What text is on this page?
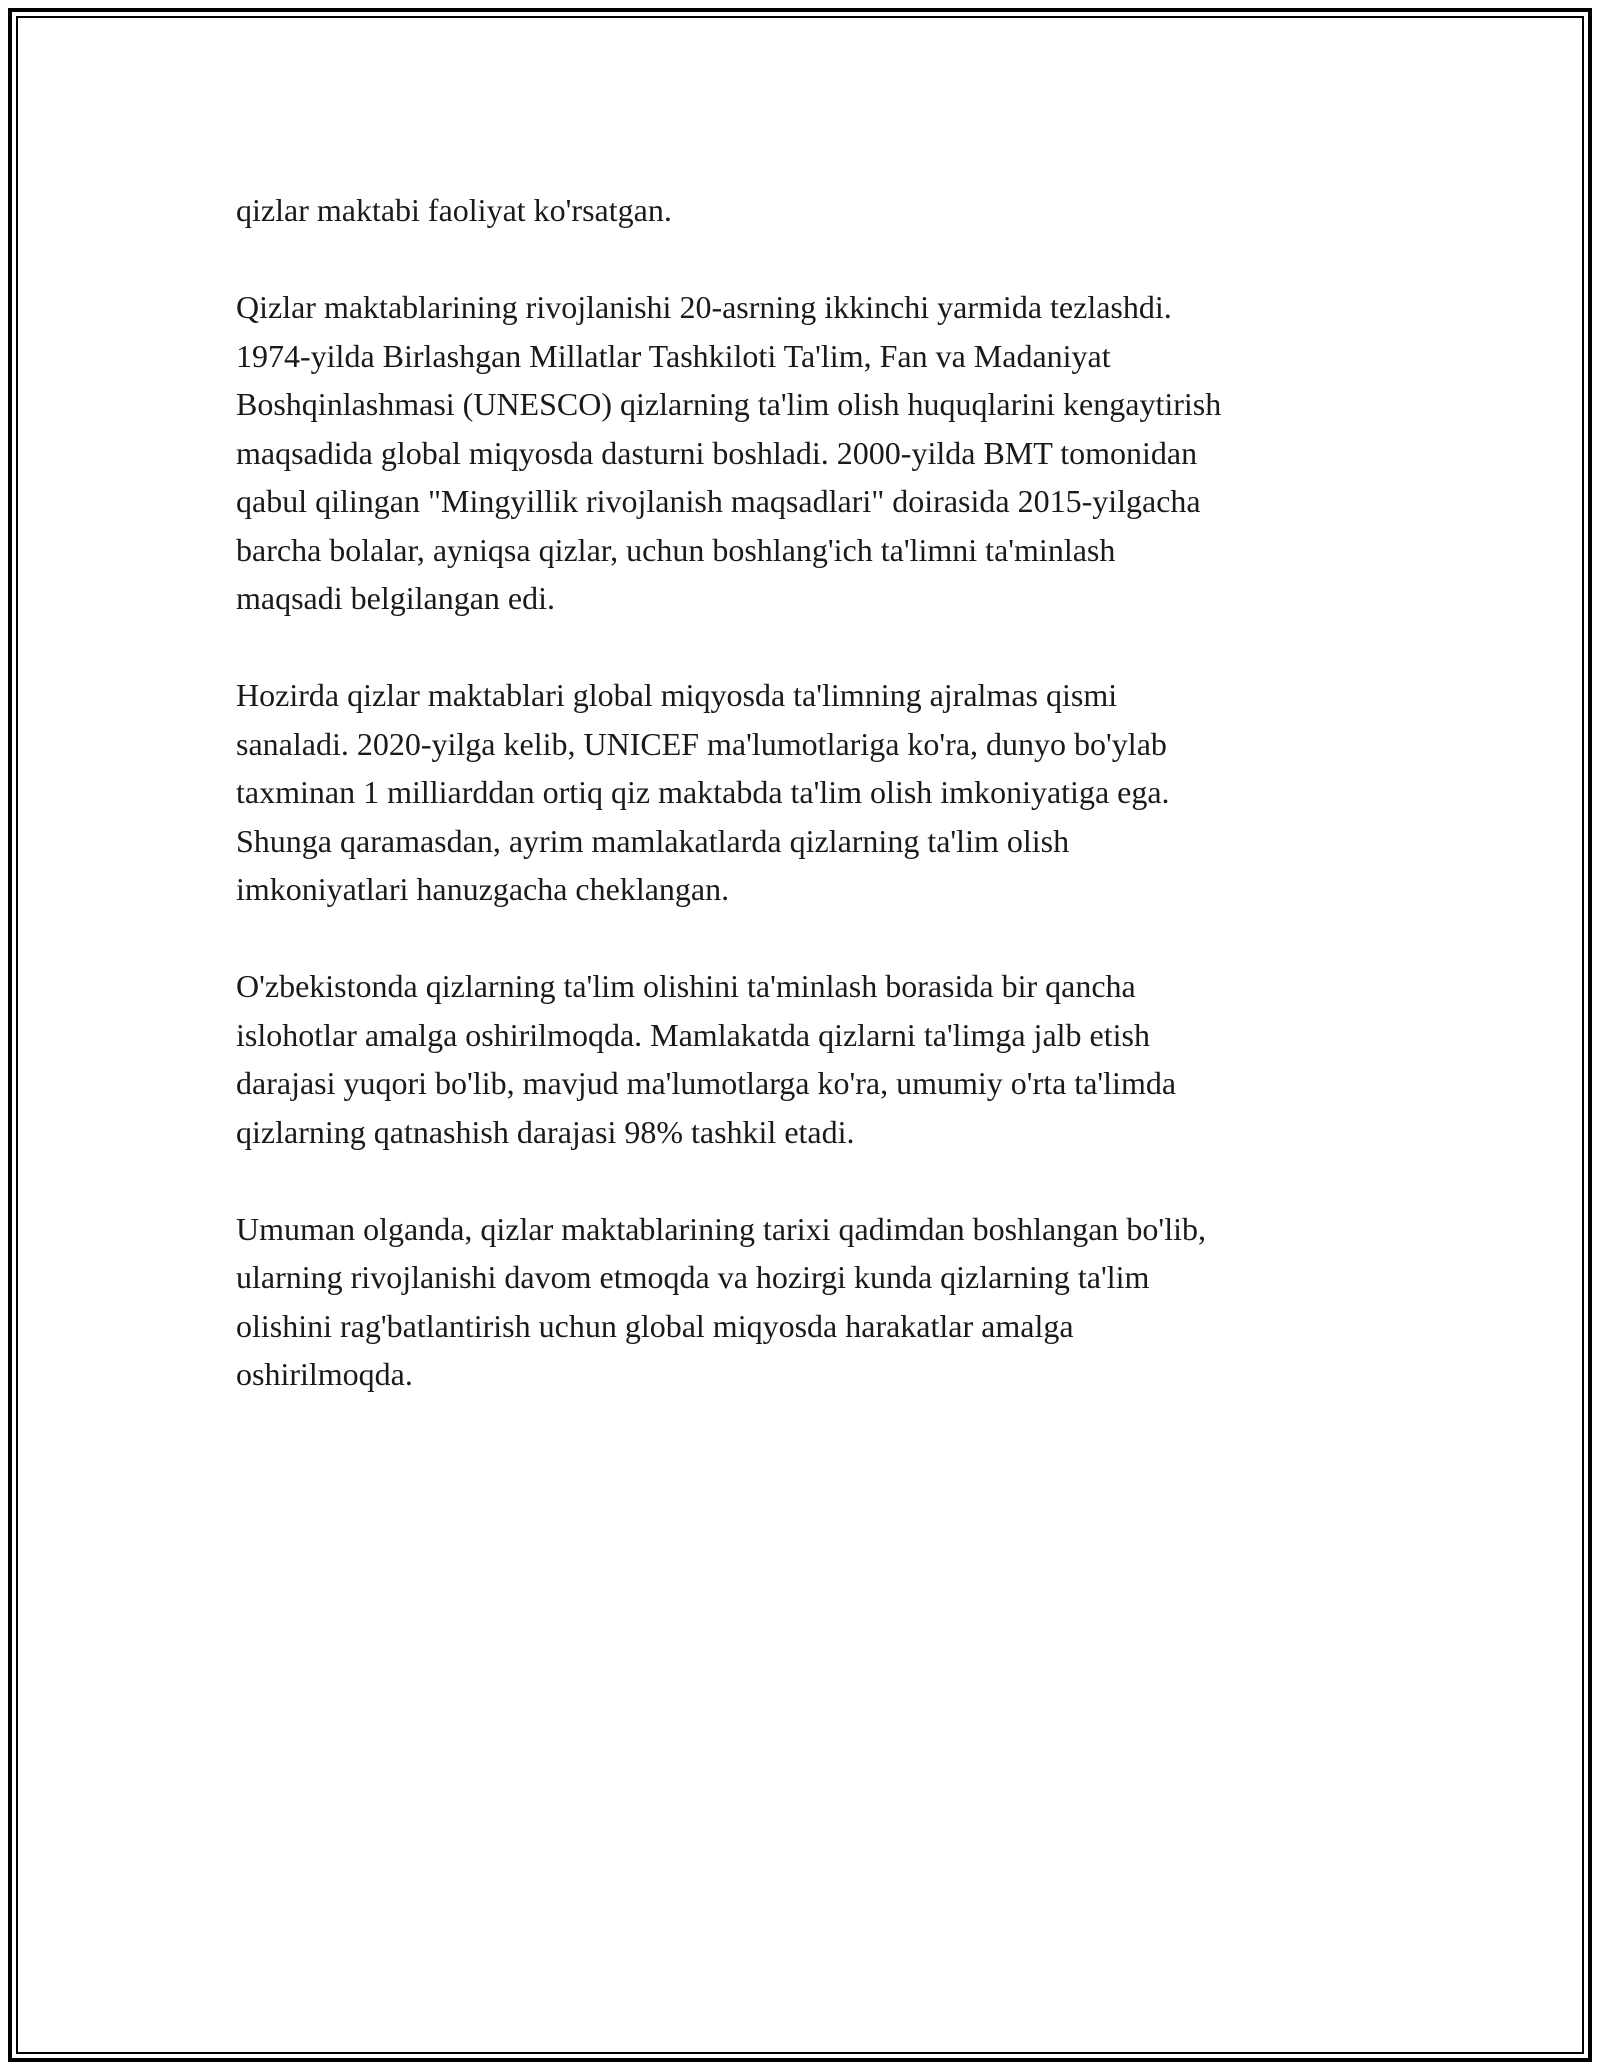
qizlar maktabi faoliyat ko'rsatgan.

Qizlar maktablarining rivojlanishi 20-asrning ikkinchi yarmida tezlashdi.
1974-yilda Birlashgan Millatlar Tashkiloti Ta'lim, Fan va Madaniyat
Boshqinlashmasi (UNESCO) qizlarning ta'lim olish huquqlarini kengaytirish
maqsadida global miqyosda dasturni boshladi. 2000-yilda BMT tomonidan
qabul qilingan "Mingyillik rivojlanish maqsadlari" doirasida 2015-yilgacha
barcha bolalar, ayniqsa qizlar, uchun boshlang'ich ta'limni ta'minlash
maqsadi belgilangan edi.

Hozirda qizlar maktablari global miqyosda ta'limning ajralmas qismi
sanaladi. 2020-yilga kelib, UNICEF ma'lumotlariga ko'ra, dunyo bo'ylab
taxminan 1 milliarddan ortiq qiz maktabda ta'lim olish imkoniyatiga ega.
Shunga qaramasdan, ayrim mamlakatlarda qizlarning ta'lim olish
imkoniyatlari hanuzgacha cheklangan.

O'zbekistonda qizlarning ta'lim olishini ta'minlash borasida bir qancha
islohotlar amalga oshirilmoqda. Mamlakatda qizlarni ta'limga jalb etish
darajasi yuqori bo'lib, mavjud ma'lumotlarga ko'ra, umumiy o'rta ta'limda
qizlarning qatnashish darajasi 98% tashkil etadi.

Umuman olganda, qizlar maktablarining tarixi qadimdan boshlangan bo'lib,
ularning rivojlanishi davom etmoqda va hozirgi kunda qizlarning ta'lim
olishini rag'batlantirish uchun global miqyosda harakatlar amalga
oshirilmoqda.
